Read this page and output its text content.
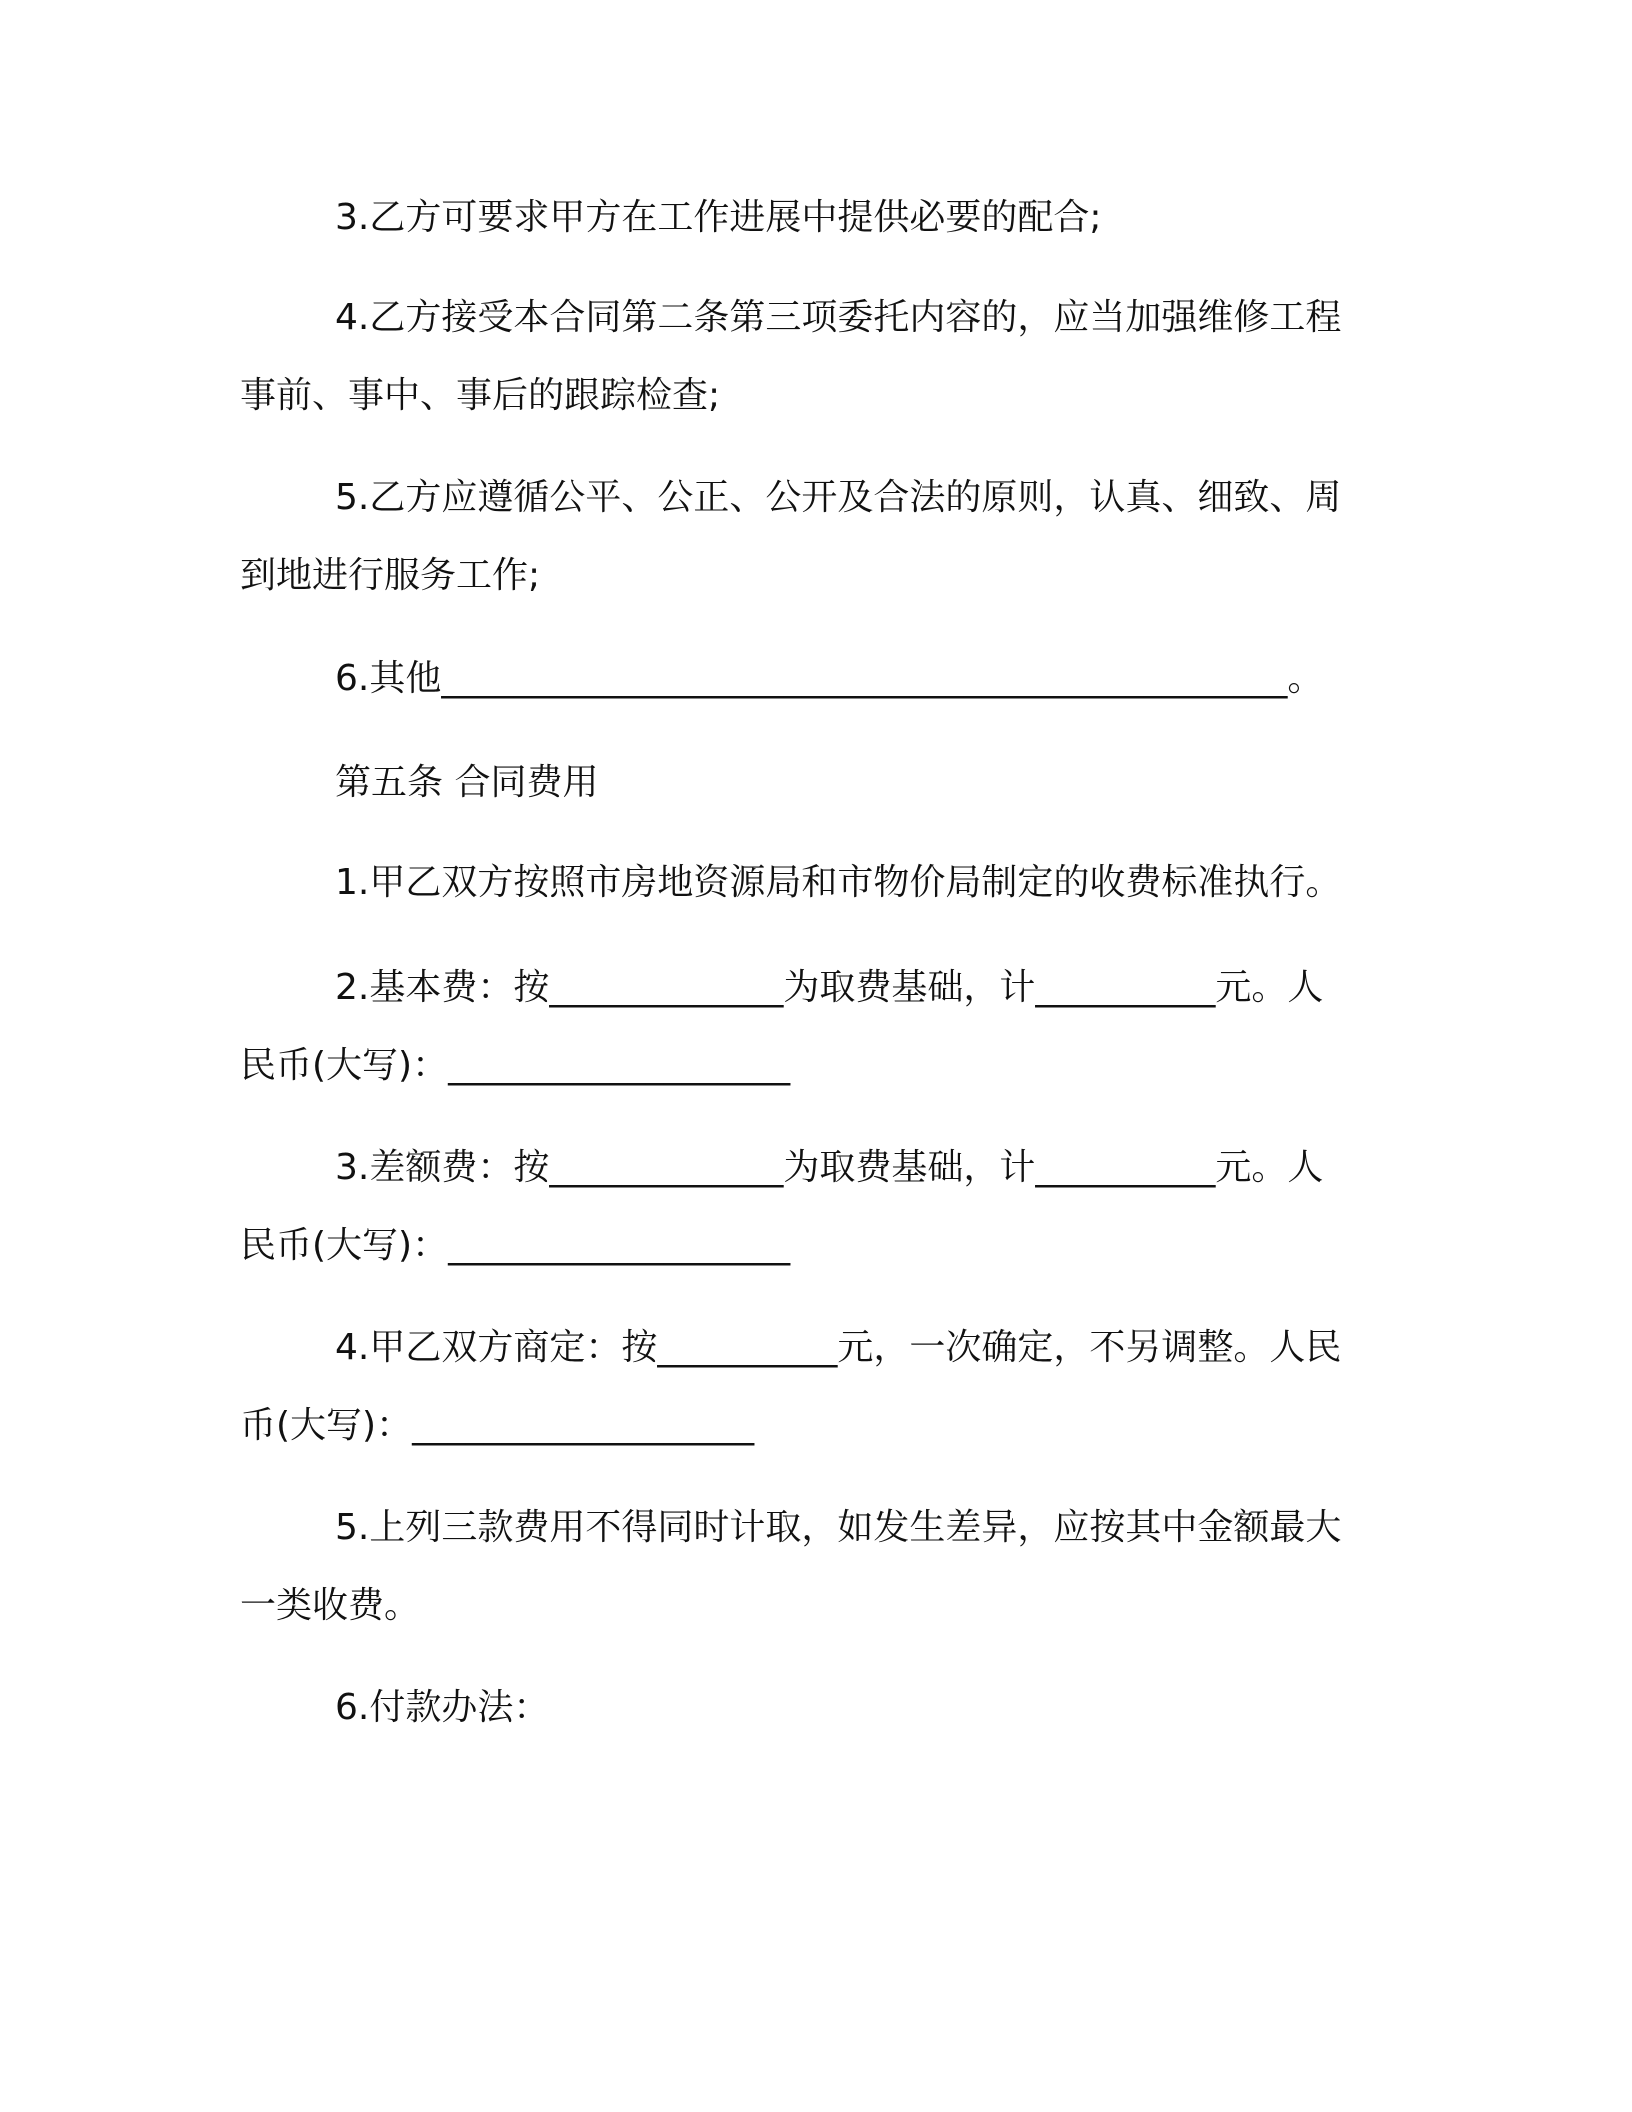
3.乙方可要求甲方在工作进展中提供必要的配合;
4.乙方接受本合同第二条第三项委托内容的，应当加强维修工程
事前、事中、事后的跟踪检查;
5.乙方应遵循公平、公正、公开及合法的原则，认真、细致、周
到地进行服务工作;
6.其他_______________________________________________。
第五条 合同费用
1.甲乙双方按照市房地资源局和市物价局制定的收费标准执行。
2.基本费：按_____________为取费基础，计__________元。人
民币(大写)：___________________
3.差额费：按_____________为取费基础，计__________元。人
民币(大写)：___________________
4.甲乙双方商定：按__________元，一次确定，不另调整。人民
币(大写)：___________________
5.上列三款费用不得同时计取，如发生差异，应按其中金额最大
一类收费。
6.付款办法：
